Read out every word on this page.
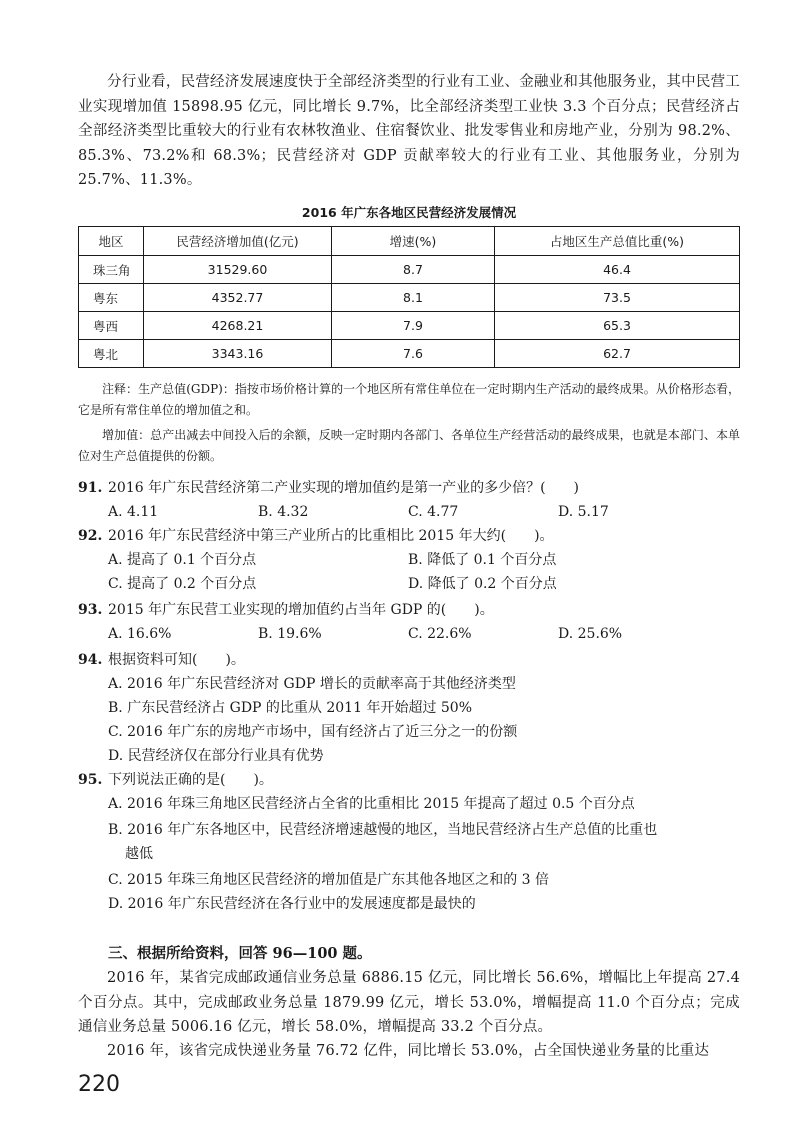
分行业看，民营经济发展速度快于全部经济类型的行业有工业、金融业和其他服务业，其中民营工业实现增加值 15898.95 亿元，同比增长 9.7%，比全部经济类型工业快 3.3 个百分点；民营经济占全部经济类型比重较大的行业有农林牧渔业、住宿餐饮业、批发零售业和房地产业，分别为 98.2%、85.3%、73.2%和 68.3%；民营经济对 GDP 贡献率较大的行业有工业、其他服务业，分别为 25.7%、11.3%。

2016 年广东各地区民营经济发展情况
地区	民营经济增加值(亿元)	增速(%)	占地区生产总值比重(%)
珠三角	31529.60	8.7	46.4
粤东	4352.77	8.1	73.5
粤西	4268.21	7.9	65.3
粤北	3343.16	7.6	62.7

注释：生产总值(GDP)：指按市场价格计算的一个地区所有常住单位在一定时期内生产活动的最终成果。从价格形态看，它是所有常住单位的增加值之和。

增加值：总产出减去中间投入后的余额，反映一定时期内各部门、各单位生产经营活动的最终成果，也就是本部门、本单位对生产总值提供的份额。

91. 2016 年广东民营经济第二产业实现的增加值约是第一产业的多少倍？(　　)

A. 4.11	B. 4.32	C. 4.77	D. 5.17

92. 2016 年广东民营经济中第三产业所占的比重相比 2015 年大约(　　)。

A. 提高了 0.1 个百分点	B. 降低了 0.1 个百分点
C. 提高了 0.2 个百分点	D. 降低了 0.2 个百分点

93. 2015 年广东民营工业实现的增加值约占当年 GDP 的(　　)。

A. 16.6%	B. 19.6%	C. 22.6%	D. 25.6%

94. 根据资料可知(　　)。

A. 2016 年广东民营经济对 GDP 增长的贡献率高于其他经济类型
B. 广东民营经济占 GDP 的比重从 2011 年开始超过 50%
C. 2016 年广东的房地产市场中，国有经济占了近三分之一的份额
D. 民营经济仅在部分行业具有优势

95. 下列说法正确的是(　　)。

A. 2016 年珠三角地区民营经济占全省的比重相比 2015 年提高了超过 0.5 个百分点
B. 2016 年广东各地区中，民营经济增速越慢的地区，当地民营经济占生产总值的比重也
越低
C. 2015 年珠三角地区民营经济的增加值是广东其他各地区之和的 3 倍
D. 2016 年广东民营经济在各行业中的发展速度都是最快的

三、根据所给资料，回答 96—100 题。

2016 年，某省完成邮政通信业务总量 6886.15 亿元，同比增长 56.6%，增幅比上年提高 27.4 个百分点。其中，完成邮政业务总量 1879.99 亿元，增长 53.0%，增幅提高 11.0 个百分点；完成通信业务总量 5006.16 亿元，增长 58.0%，增幅提高 33.2 个百分点。

2016 年，该省完成快递业务量 76.72 亿件，同比增长 53.0%，占全国快递业务量的比重达

220
